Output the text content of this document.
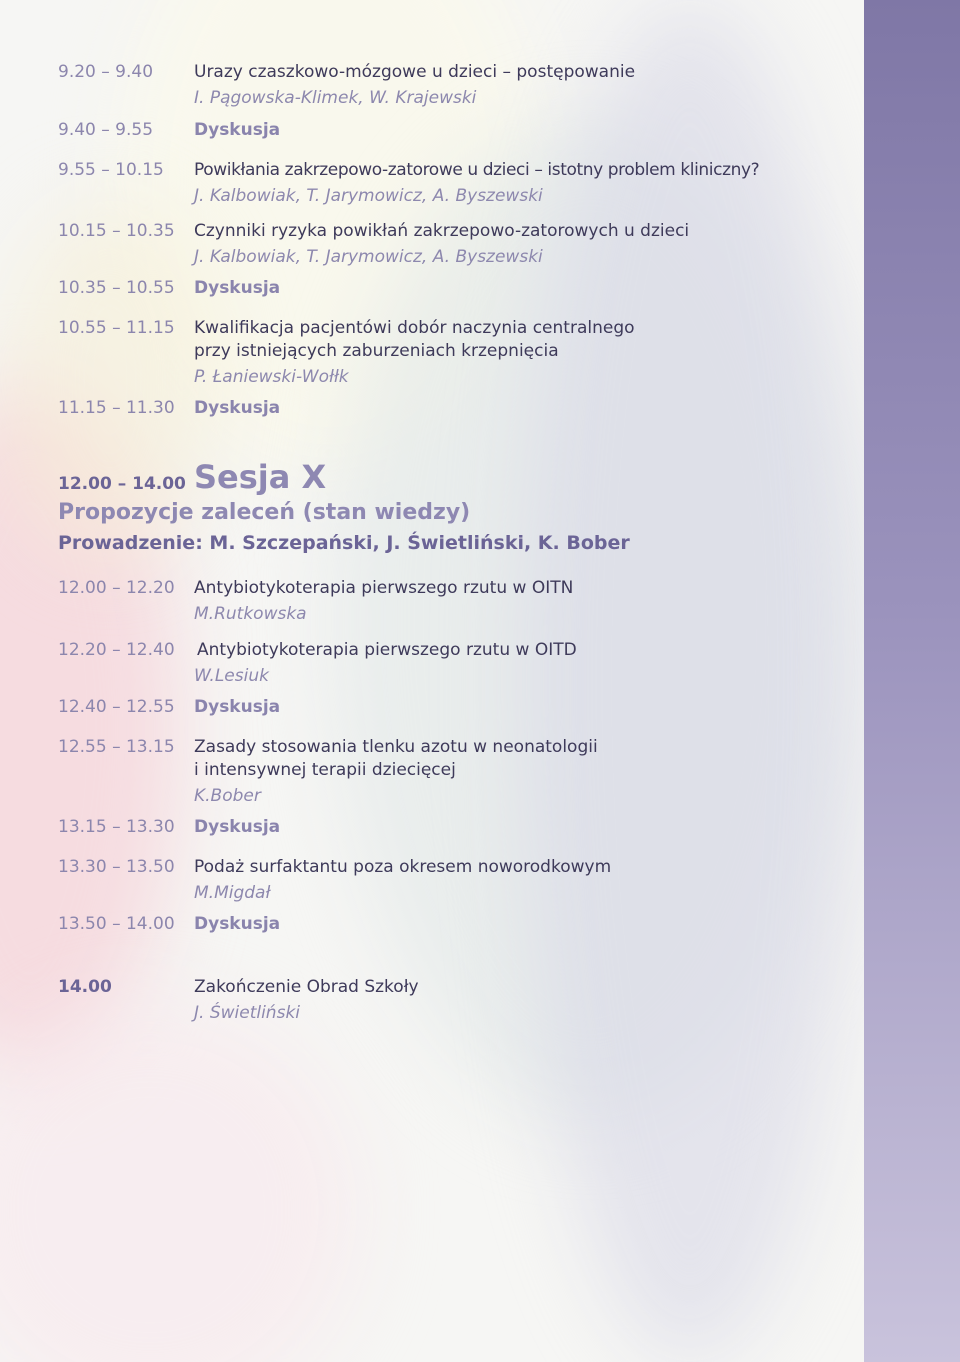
9.20 – 9.40 Urazy czaszkowo-mózgowe u dzieci – postępowanie
I. Pągowska-Klimek, W. Krajewski
9.40 – 9.55 Dyskusja
9.55 – 10.15 Powikłania zakrzepowo-zatorowe u dzieci – istotny problem kliniczny?
J. Kalbowiak, T. Jarymowicz, A. Byszewski
10.15 – 10.35 Czynniki ryzyka powikłań zakrzepowo-zatorowych u dzieci
J. Kalbowiak, T. Jarymowicz, A. Byszewski
10.35 – 10.55 Dyskusja
10.55 – 11.15 Kwalifikacja pacjentówi dobór naczynia centralnego
przy istniejących zaburzeniach krzepnięcia
P. Łaniewski-Wołłk
11.15 – 11.30 Dyskusja
12.00 – 14.00 Sesja X
Propozycje zaleceń (stan wiedzy)
Prowadzenie: M. Szczepański, J. Świetliński, K. Bober
12.00 – 12.20 Antybiotykoterapia pierwszego rzutu w OITN
M.Rutkowska
12.20 – 12.40 Antybiotykoterapia pierwszego rzutu w OITD
W.Lesiuk
12.40 – 12.55 Dyskusja
12.55 – 13.15 Zasady stosowania tlenku azotu w neonatologii
i intensywnej terapii dziecięcej
K.Bober
13.15 – 13.30 Dyskusja
13.30 – 13.50 Podaż surfaktantu poza okresem noworodkowym
M.Migdał
13.50 – 14.00 Dyskusja
14.00	Zakończenie Obrad Szkoły
J. Świetliński
